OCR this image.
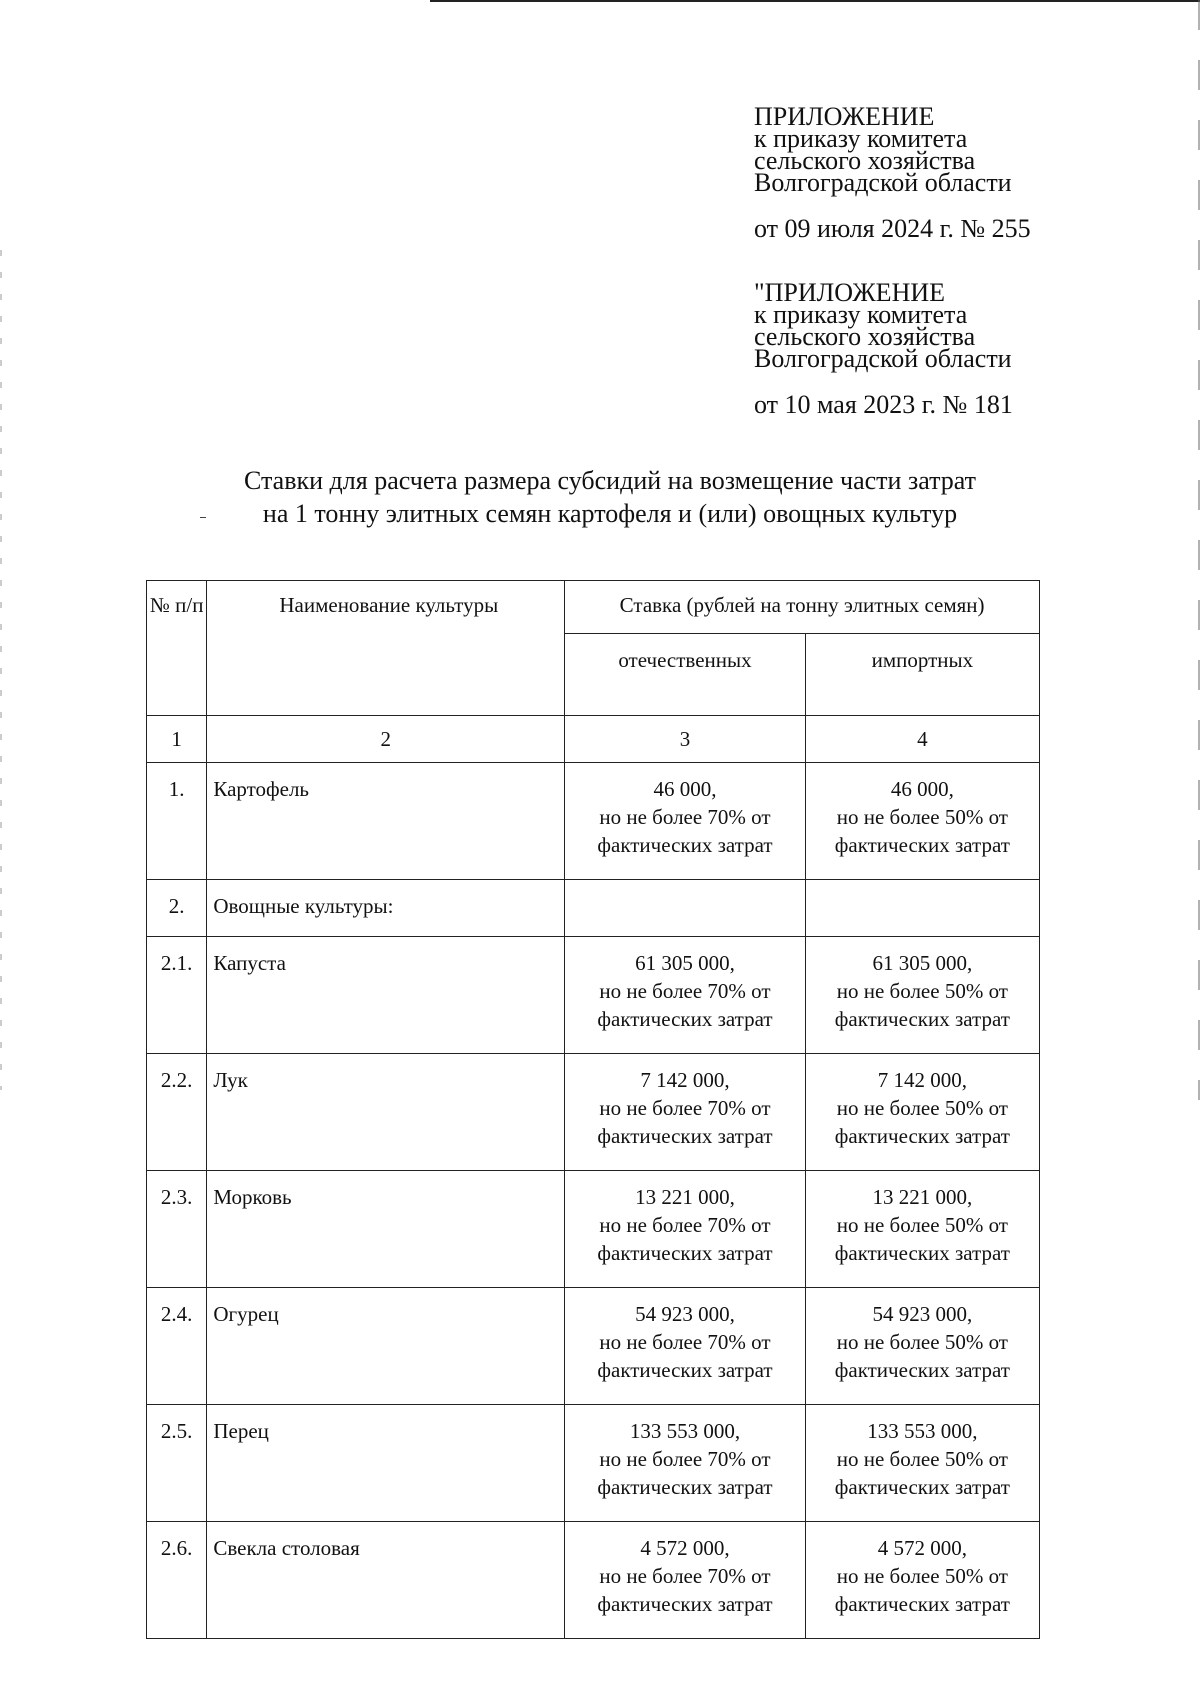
ПРИЛОЖЕНИЕ
к приказу комитета
сельского хозяйства
Волгоградской области
от 09 июля 2024 г. № 255
"ПРИЛОЖЕНИЕ
к приказу комитета
сельского хозяйства
Волгоградской области
от 10 мая 2023 г. № 181
Ставки для расчета размера субсидий на возмещение части затрат
на 1 тонну элитных семян картофеля и (или) овощных культур
№ п/п	Наименование культуры	Ставка (рублей на тонну элитных семян)	
		отечественных	импортных
1	2	3	4
1.	Картофель	46 000,
но не более 70% от
фактических затрат	46 000,
но не более 50% от
фактических затрат

2.	Овощные культуры:		
2.1.	Капуста	61 305 000,
но не более 70% от
фактических затрат	61 305 000,
но не более 50% от
фактических затрат

2.2.	Лук	7 142 000,
но не более 70% от
фактических затрат	7 142 000,
но не более 50% от
фактических затрат

2.3.	Морковь	13 221 000,
но не более 70% от
фактических затрат	13 221 000,
но не более 50% от
фактических затрат

2.4.	Огурец	54 923 000,
но не более 70% от
фактических затрат	54 923 000,
но не более 50% от
фактических затрат

2.5.	Перец	133 553 000,
но не более 70% от
фактических затрат	133 553 000,
но не более 50% от
фактических затрат

2.6.	Свекла столовая	4 572 000,
но не более 70% от
фактических затрат	4 572 000,
но не более 50% от
фактических затрат
